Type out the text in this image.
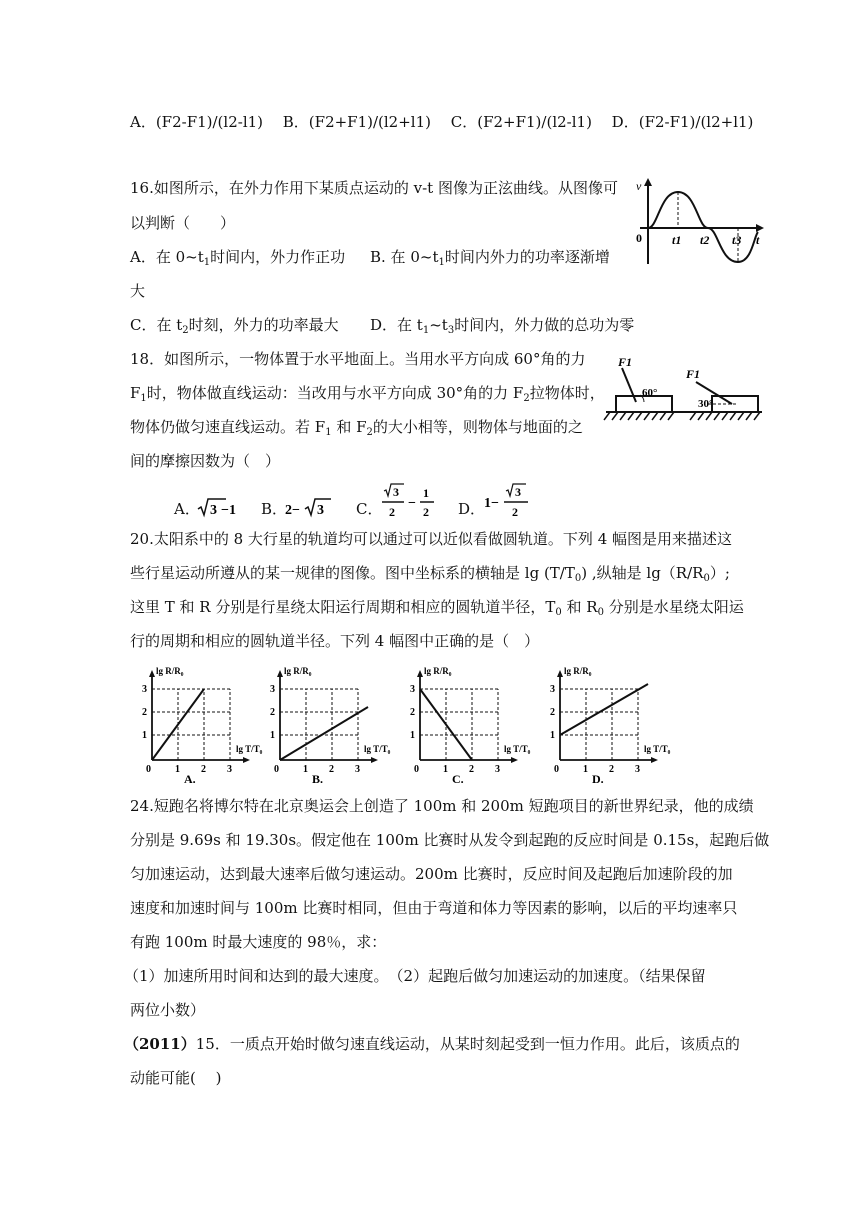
A．(F2-F1)/(l2-l1)　 B．(F2+F1)/(l2+l1)　 C．(F2+F1)/(l2-l1)　 D．(F2-F1)/(l2+l1)
16.如图所示，在外力作用下某质点运动的 v-t 图像为正泫曲线。从图像可
以判断（　　）
A．在 $0\sim t_1$时间内，外力作正功 B. 在 $0\sim t_1$时间内外力的功率逐渐增
大
C．在 $t_2$时刻，外力的功率最大 D．在 $t_1\sim t_3$时间内，外力做的总功为零
v
0	t1 t2 t3 t
18．如图所示，一物体置于水平地面上。当用水平方向成 60°角的力
$F_1$时，物体做直线运动：当改用与水平方向成 30°角的力 $F_2$拉物体时，
物体仍做匀速直线运动。若 $F_1$ 和 $F_2$的大小相等，则物体与地面的之
间的摩擦因数为（　）
F1
60°
F1
30°
A． 3 −1 B．
2− 3 C．
3
2
−
1
2 D．
1−
3
2
20.太阳系中的 8 大行星的轨道均可以通过可以近似看做圆轨道。下列 4 幅图是用来描述这
些行星运动所遵从的某一规律的图像。图中坐标系的横轴是 $\lg (T/T_0)$ ,纵轴是 $\lg(R/R_0)$;
这里 T 和 R 分别是行星绕太阳运行周期和相应的圆轨道半径，$T_0$ 和 $R_0$ 分别是水星绕太阳运
行的周期和相应的圆轨道半径。下列 4 幅图中正确的是（　）
lg R/R₀
lg T/T₀
3
2
1
0 1 2 3
A.
lg R/R₀
lg T/T₀
3
2
1
0 1 2 3
B.
lg R/R₀
lg T/T₀
3
2
1
0 1 2 3
C.
lg R/R₀
lg T/T₀
3
2
1
0 1 2 3
D.
24.短跑名将博尔特在北京奥运会上创造了 100m 和 200m 短跑项目的新世界纪录，他的成绩
分别是 9.69s 和 19.30s。假定他在 100m 比赛时从发令到起跑的反应时间是 0.15s，起跑后做
匀加速运动，达到最大速率后做匀速运动。200m 比赛时，反应时间及起跑后加速阶段的加
速度和加速时间与 100m 比赛时相同，但由于弯道和体力等因素的影响，以后的平均速率只
有跑 100m 时最大速度的 98％，求：
（1）加速所用时间和达到的最大速度。　（2）起跑后做匀加速运动的加速度。（结果保留
两位小数）
（2011）15．一质点开始时做匀速直线运动，从某时刻起受到一恒力作用。此后，该质点的
动能可能(　 )
